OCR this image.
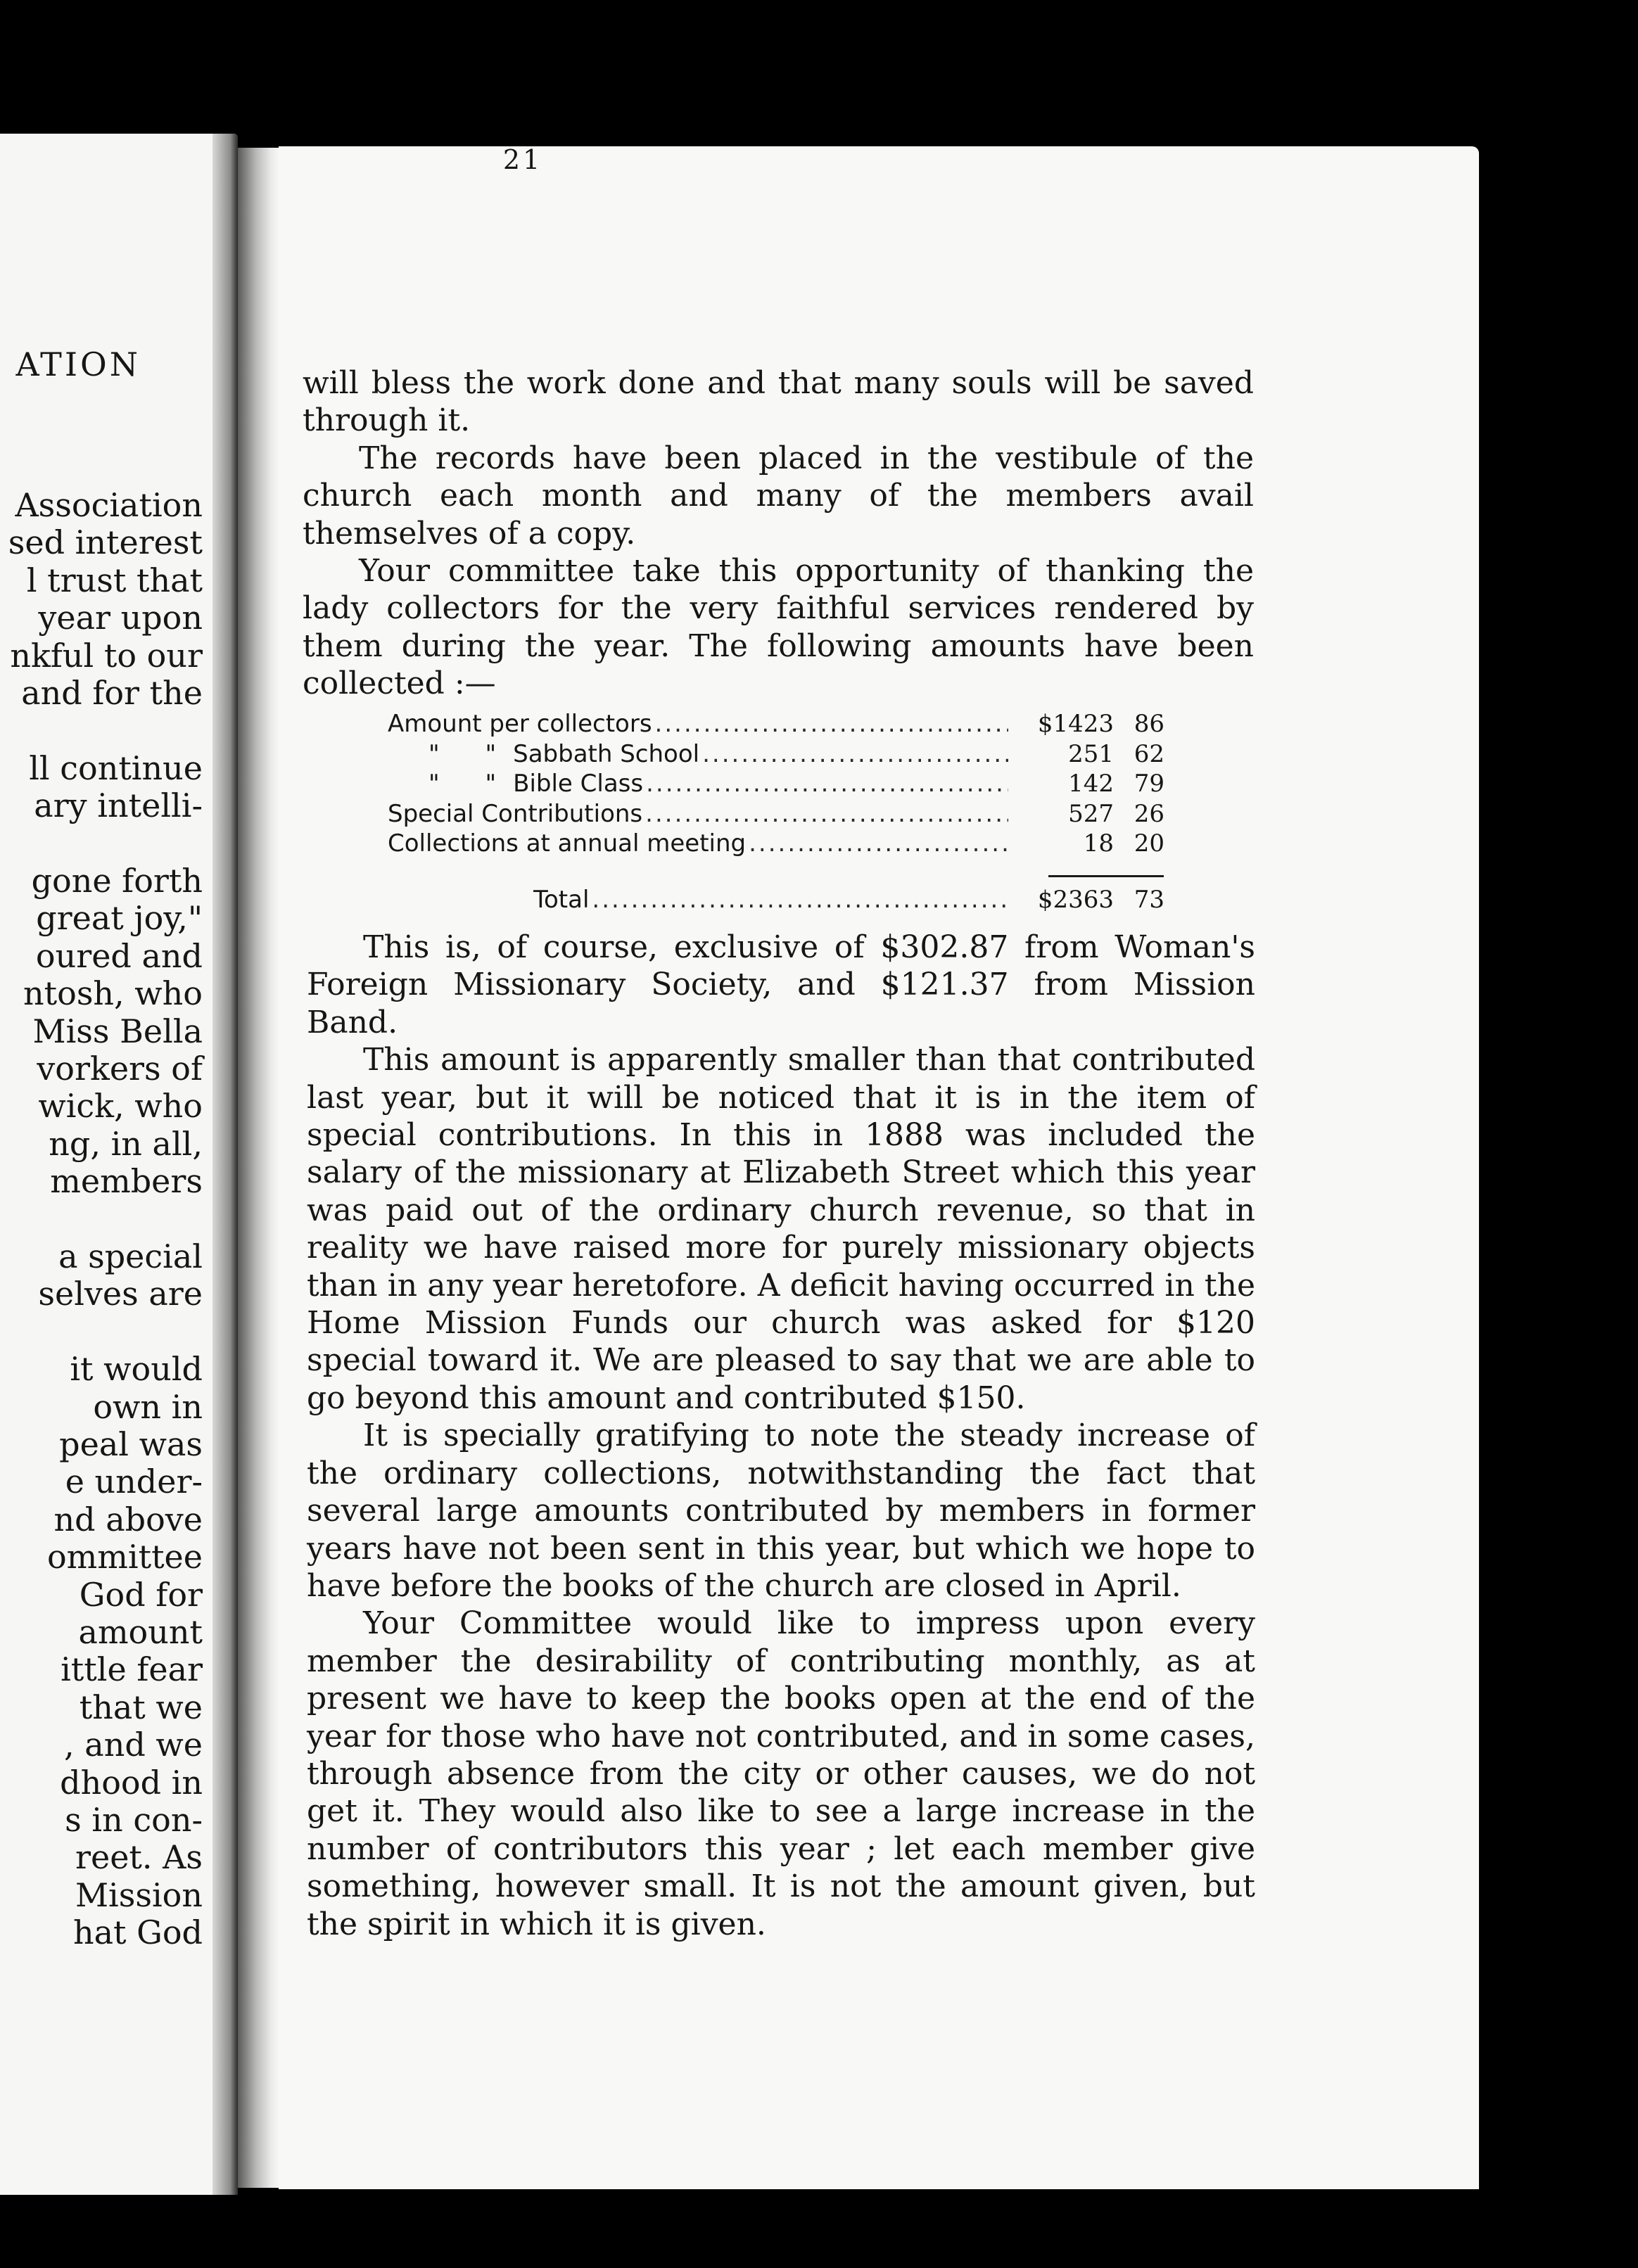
ATION
Association
sed interest
l trust that
year upon
nkful to our
and for the
ll continue
ary intelli-
gone forth
great joy,"
oured and
ntosh, who
Miss Bella
vorkers of
wick, who
ng, in all,
members
a special
selves are
it would
own in
peal was
e under-
nd above
ommittee
God for
amount
ittle fear
that we
, and we
dhood in
s in con-
reet. As
Mission
hat God
21

will bless the work done and that many souls will be saved through it.

The records have been placed in the vestibule of the church each month and many of the members avail themselves of a copy.

Your committee take this opportunity of thanking the lady collectors for the very faithful services rendered by them during the year. The following amounts have been collected :—

Amount per collectors .....	$1423 86
"      " Sabbath School .....	251 62
"      " Bible Class .....	142 79
Special Contributions .....	527 26
Collections at annual meeting .....	18 20
Total .....	$2363 73

This is, of course, exclusive of $302.87 from Woman's Foreign Missionary Society, and $121.37 from Mission Band.

This amount is apparently smaller than that contributed last year, but it will be noticed that it is in the item of special contributions. In this in 1888 was included the salary of the missionary at Elizabeth Street which this year was paid out of the ordinary church revenue, so that in reality we have raised more for purely missionary objects than in any year heretofore. A deficit having occurred in the Home Mission Funds our church was asked for $120 special toward it. We are pleased to say that we are able to go beyond this amount and contributed $150.

It is specially gratifying to note the steady increase of the ordinary collections, notwithstanding the fact that several large amounts contributed by members in former years have not been sent in this year, but which we hope to have before the books of the church are closed in April.

Your Committee would like to impress upon every member the desirability of contributing monthly, as at present we have to keep the books open at the end of the year for those who have not contributed, and in some cases, through absence from the city or other causes, we do not get it. They would also like to see a large increase in the number of contributors this year ; let each member give something, however small. It is not the amount given, but the spirit in which it is given.
